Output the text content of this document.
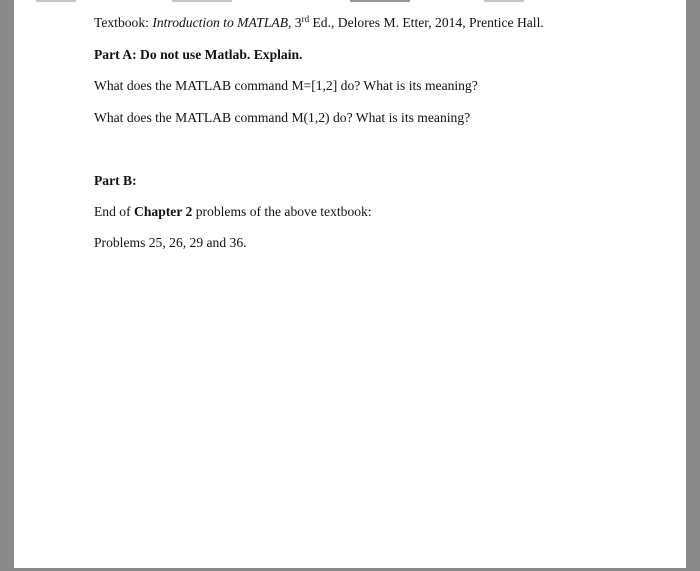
Textbook: Introduction to MATLAB, 3rd Ed., Delores M. Etter, 2014, Prentice Hall.
Part A: Do not use Matlab. Explain.
What does the MATLAB command M=[1,2] do? What is its meaning?
What does the MATLAB command M(1,2) do? What is its meaning?
Part B:
End of Chapter 2 problems of the above textbook:
Problems 25, 26, 29 and 36.
